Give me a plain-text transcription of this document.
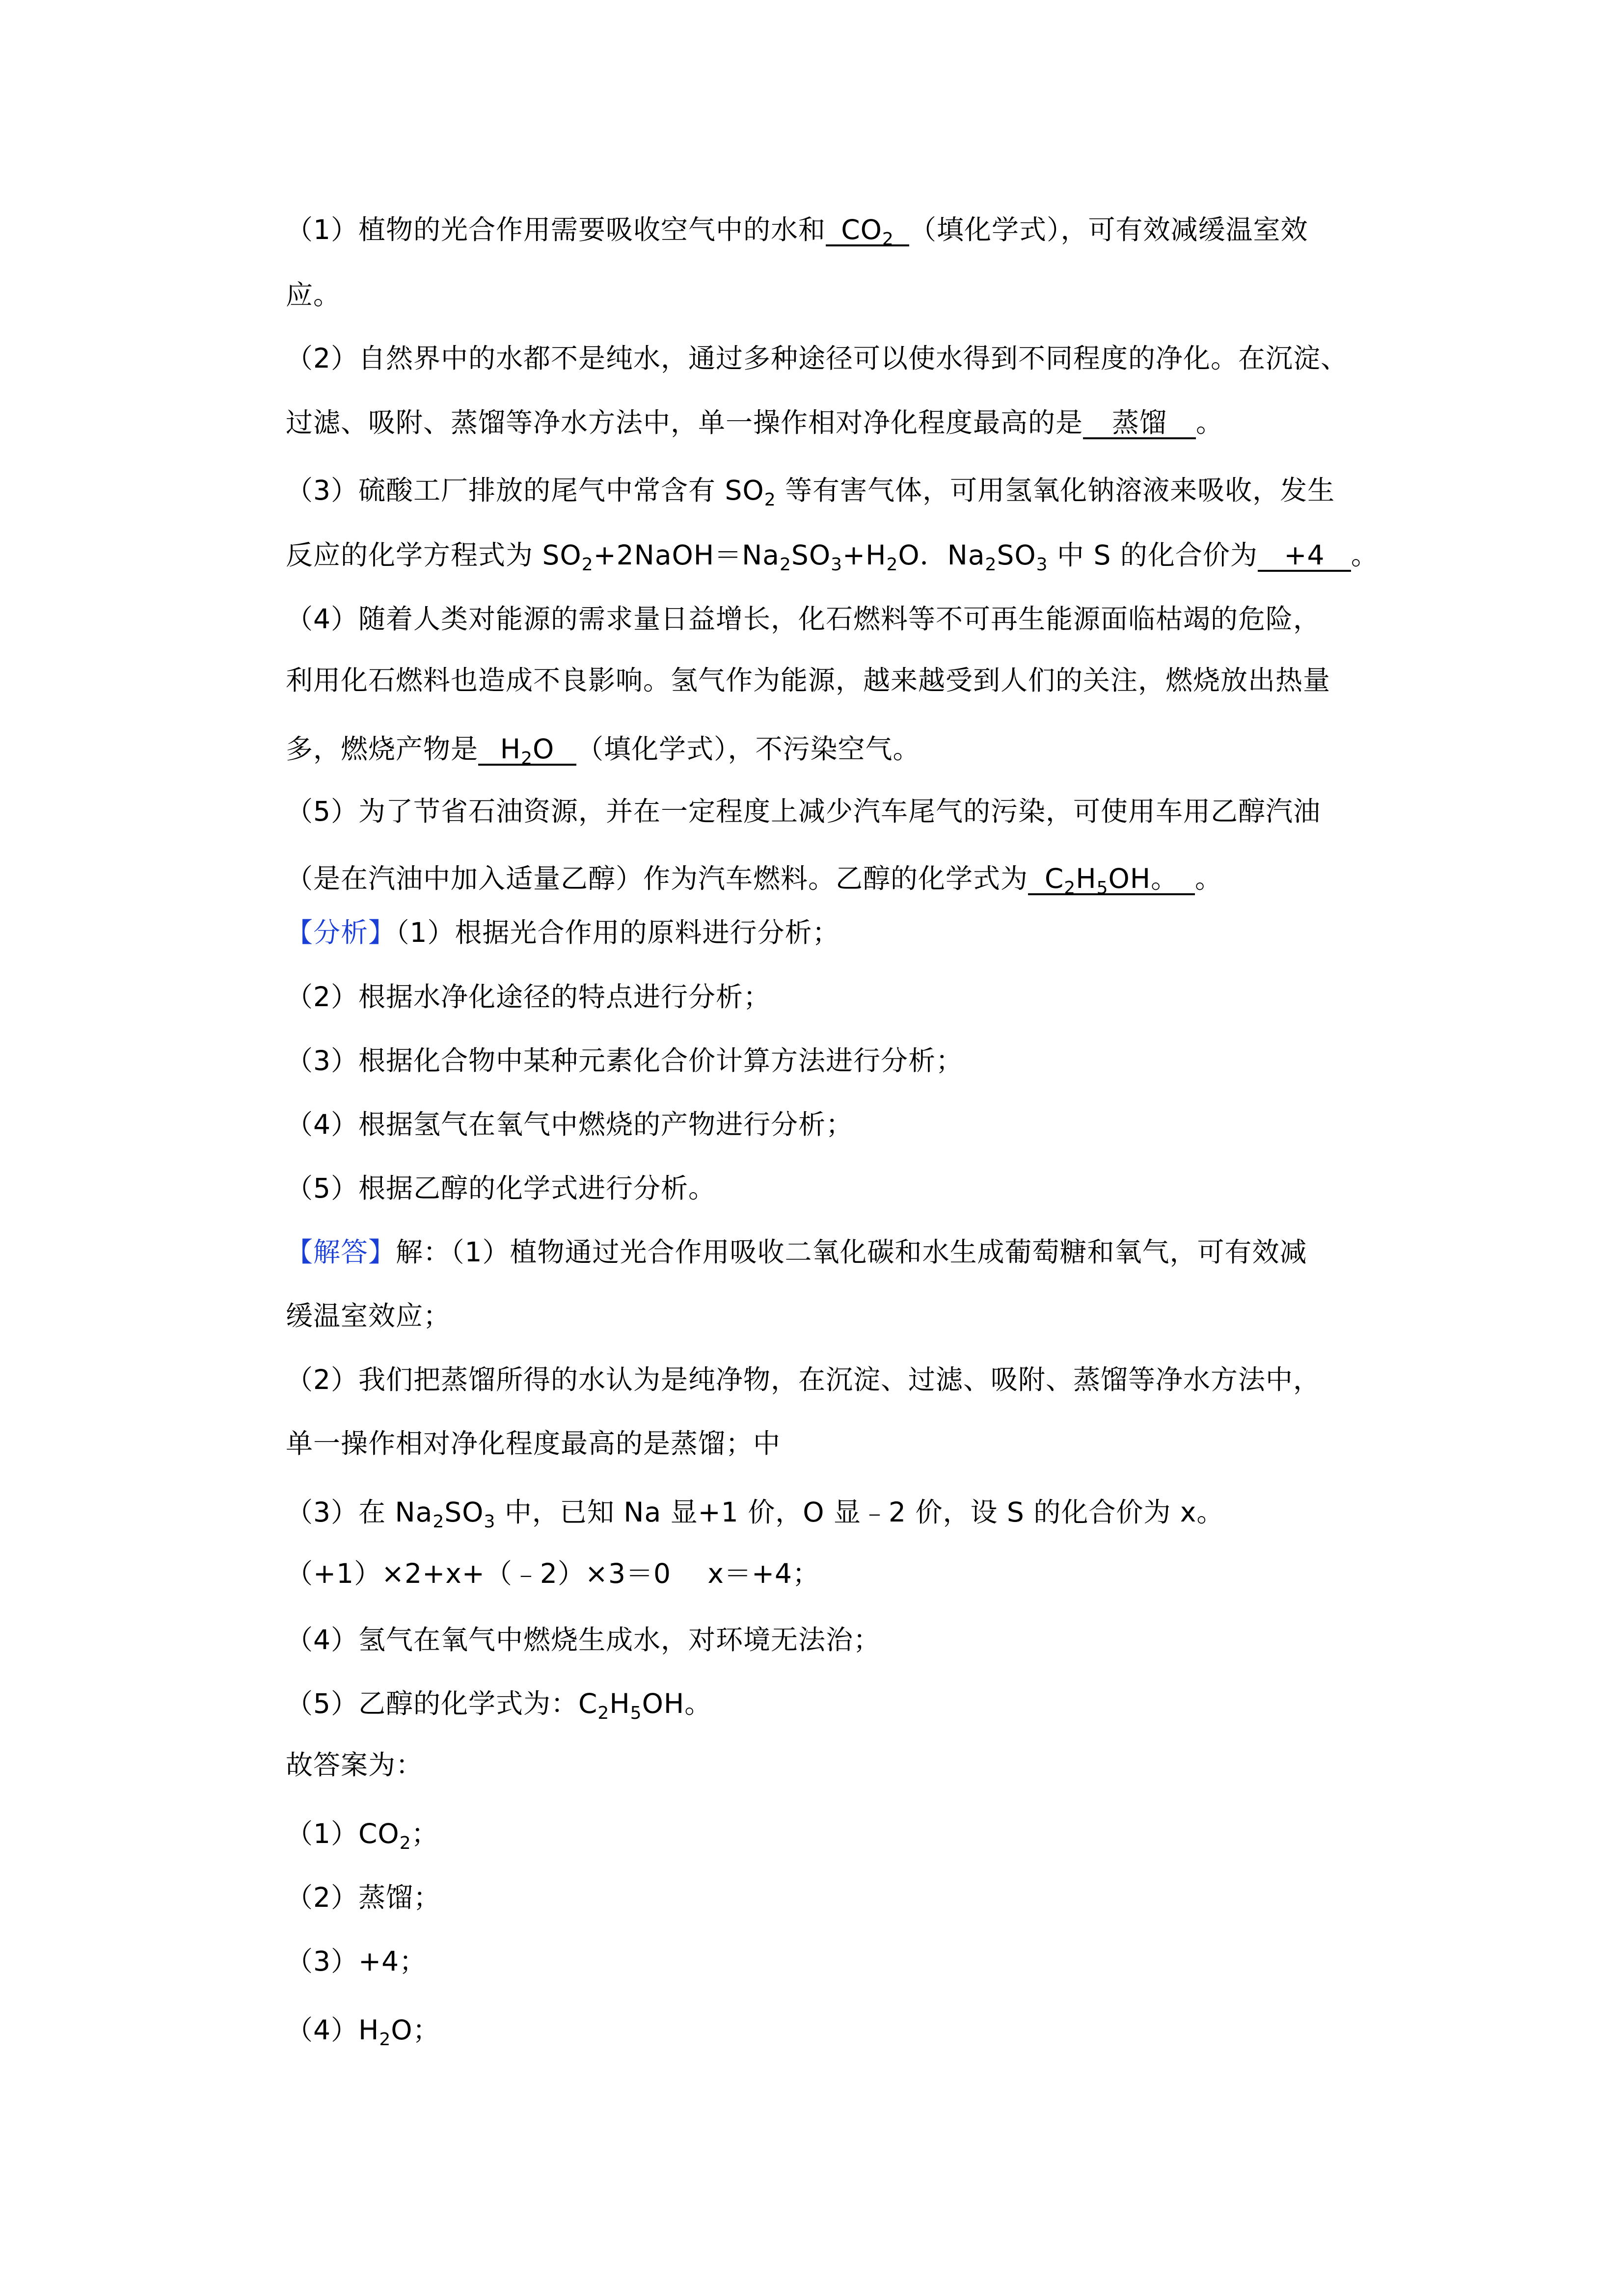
（1）植物的光合作用需要吸收空气中的水和 $CO_2$ （填化学式），可有效减缓温室效
应。
（2）自然界中的水都不是纯水，通过多种途径可以使水得到不同程度的净化。在沉淀、
过滤、吸附、蒸馏等净水方法中，单一操作相对净化程度最高的是 蒸馏 。
（3）硫酸工厂排放的尾气中常含有 $SO_2$ 等有害气体，可用氢氧化钠溶液来吸收，发生
反应的化学方程式为 $SO_2+2NaOH=Na_2SO_3+H_2O$．$Na_2SO_3$ 中 S 的化合价为 +4 。
（4）随着人类对能源的需求量日益增长，化石燃料等不可再生能源面临枯竭的危险，
利用化石燃料也造成不良影响。氢气作为能源，越来越受到人们的关注，燃烧放出热量
多，燃烧产物是 $H_2O$ （填化学式），不污染空气。
（5）为了节省石油资源，并在一定程度上减少汽车尾气的污染，可使用车用乙醇汽油
（是在汽油中加入适量乙醇）作为汽车燃料。乙醇的化学式为 $C_2H_5OH$。 。
【分析】（1）根据光合作用的原料进行分析；
（2）根据水净化途径的特点进行分析；
（3）根据化合物中某种元素化合价计算方法进行分析；
（4）根据氢气在氧气中燃烧的产物进行分析；
（5）根据乙醇的化学式进行分析。
【解答】解：（1）植物通过光合作用吸收二氧化碳和水生成葡萄糖和氧气，可有效减
缓温室效应；
（2）我们把蒸馏所得的水认为是纯净物，在沉淀、过滤、吸附、蒸馏等净水方法中，
单一操作相对净化程度最高的是蒸馏；中
（3）在 $Na_2SO_3$ 中，已知 Na 显+1 价，O 显﹣2 价，设 S 的化合价为 x。
（+1）×2+x+（﹣2）×3＝0　 x＝+4；
（4）氢气在氧气中燃烧生成水，对环境无法治；
（5）乙醇的化学式为：$C_2H_5OH$。
故答案为：
$(1)CO_2$；
（2）蒸馏；
（3）+4；
$(4)H_2O$；
